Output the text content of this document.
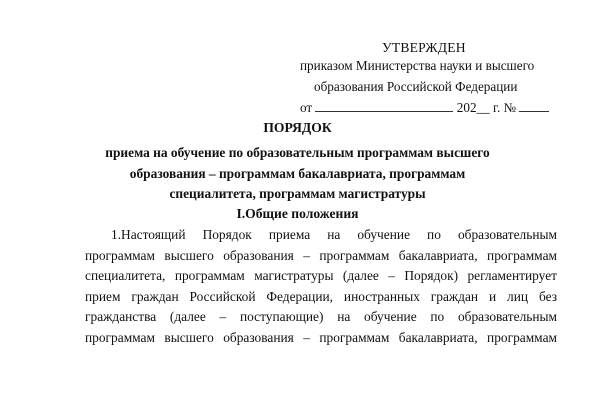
УТВЕРЖДЕН
приказом Министерства науки и высшего
образования Российской Федерации
от	202__ г. №
ПОРЯДОК
приема на обучение по образовательным программам высшего
образования – программам бакалавриата, программам
специалитета, программам магистратуры
I.Общие положения
1.Настоящий Порядок приема на обучение по образовательным
программам высшего образования – программам бакалавриата, программам
специалитета, программам магистратуры (далее – Порядок) регламентирует
прием граждан Российской Федерации, иностранных граждан и лиц без
гражданства (далее – поступающие) на обучение по образовательным
программам высшего образования – программам бакалавриата, программам
